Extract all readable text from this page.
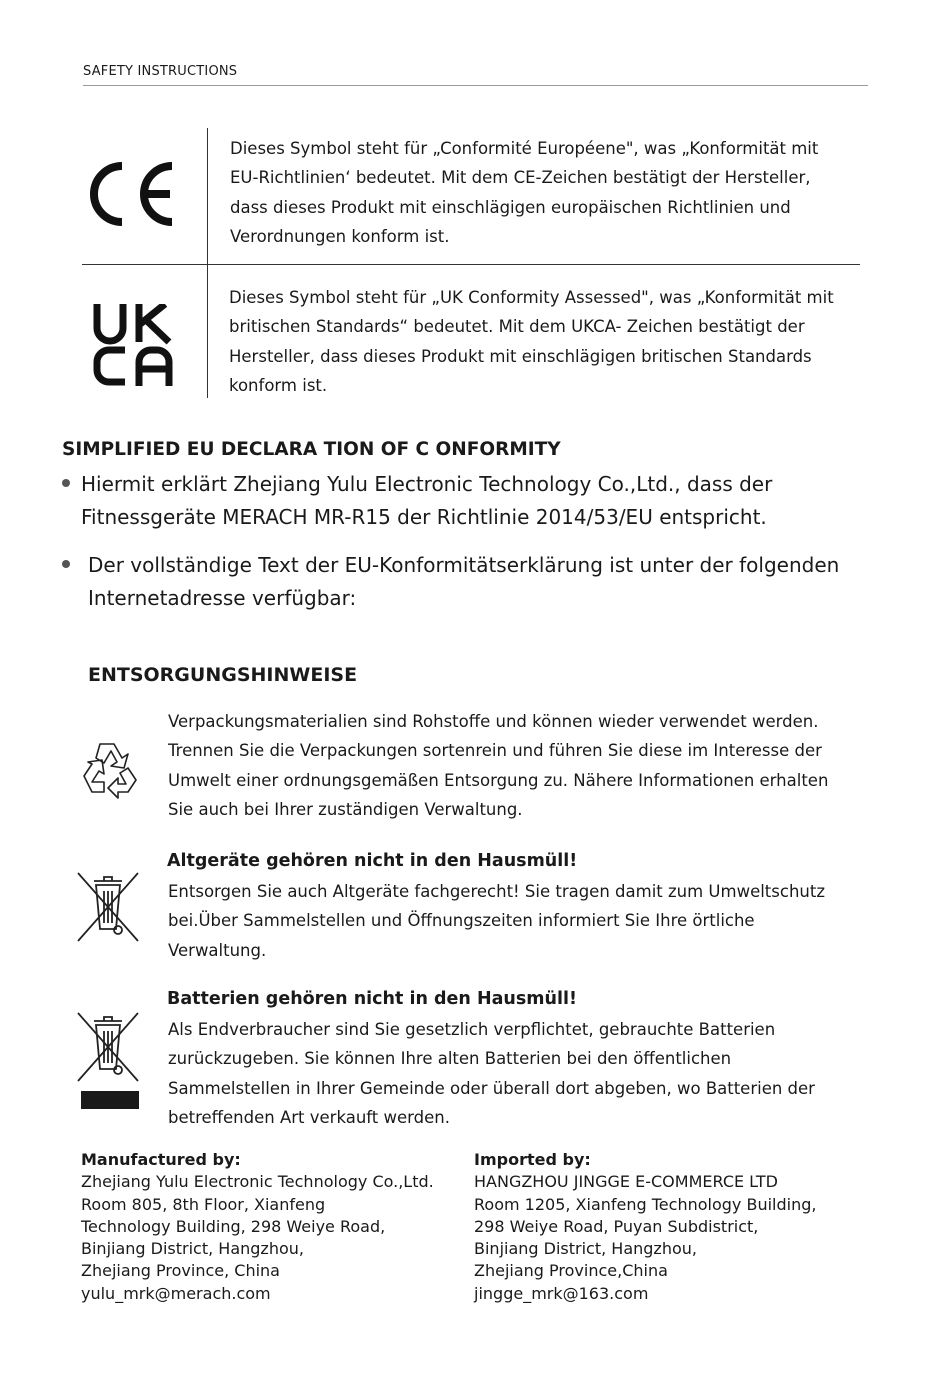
SAFETY INSTRUCTIONS
Dieses Symbol steht für „Conformité Européene", was „Konformität mit EU-Richtlinien‘ bedeutet. Mit dem CE-Zeichen bestätigt der Hersteller, dass dieses Produkt mit einschlägigen europäischen Richtlinien und Verordnungen konform ist.
Dieses Symbol steht für „UK Conformity Assessed", was „Konformität mit britischen Standards“ bedeutet. Mit dem UKCA- Zeichen bestätigt der Hersteller, dass dieses Produkt mit einschlägigen britischen Standards konform ist.
SIMPLIFIED EU DECLARA TION OF C ONFORMITY
Hiermit erklärt Zhejiang Yulu Electronic Technology Co.,Ltd., dass der Fitnessgeräte MERACH MR-R15 der Richtlinie 2014/53/EU entspricht.
Der vollständige Text der EU-Konformitätserklärung ist unter der folgenden Internetadresse verfügbar:
ENTSORGUNGSHINWEISE
Verpackungsmaterialien sind Rohstoffe und können wieder verwendet werden. Trennen Sie die Verpackungen sortenrein und führen Sie diese im Interesse der Umwelt einer ordnungsgemäßen Entsorgung zu. Nähere Informationen erhalten Sie auch bei Ihrer zuständigen Verwaltung.
Altgeräte gehören nicht in den Hausmüll!
Entsorgen Sie auch Altgeräte fachgerecht! Sie tragen damit zum Umweltschutz bei.Über Sammelstellen und Öffnungszeiten informiert Sie Ihre örtliche Verwaltung.
Batterien gehören nicht in den Hausmüll!
Als Endverbraucher sind Sie gesetzlich verpflichtet, gebrauchte Batterien zurückzugeben. Sie können Ihre alten Batterien bei den öffentlichen Sammelstellen in Ihrer Gemeinde oder überall dort abgeben, wo Batterien der betreffenden Art verkauft werden.
Manufactured by:
Zhejiang Yulu Electronic Technology Co.,Ltd.
Room 805, 8th Floor, Xianfeng
Technology Building, 298 Weiye Road,
Binjiang District, Hangzhou,
Zhejiang Province, China
yulu_mrk@merach.com
Imported by:
HANGZHOU JINGGE E-COMMERCE LTD
Room 1205, Xianfeng Technology Building,
298 Weiye Road, Puyan Subdistrict,
Binjiang District, Hangzhou,
Zhejiang Province,China
jingge_mrk@163.com
